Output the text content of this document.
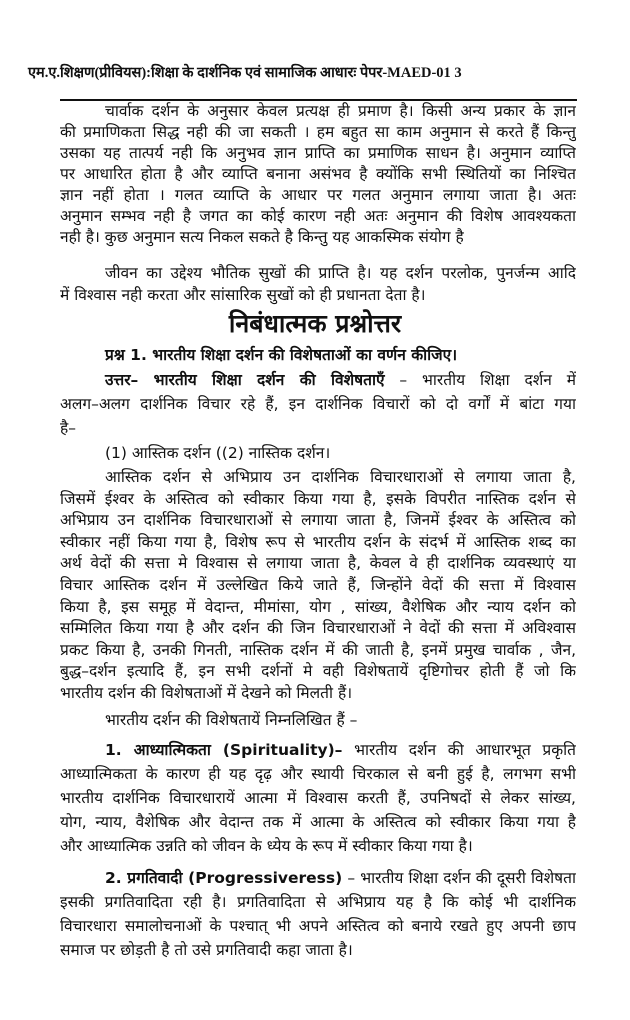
एम.ए.शिक्षण(प्रीवियस):शिक्षा के दार्शनिक एवं सामाजिक आधारः पेपर-MAED-01 3
चार्वाक दर्शन के अनुसार केवल प्रत्यक्ष ही प्रमाण है। किसी अन्य प्रकार के ज्ञान
की प्रमाणिकता सिद्ध नही की जा सकती । हम बहुत सा काम अनुमान से करते हैं किन्तु
उसका यह तात्पर्य नही कि अनुभव ज्ञान प्राप्ति का प्रमाणिक साधन है। अनुमान व्याप्ति
पर आधारित होता है और व्याप्ति बनाना असंभव है क्योंकि सभी स्थितियों का निश्चित
ज्ञान नहीं होता । गलत व्याप्ति के आधार पर गलत अनुमान लगाया जाता है। अतः
अनुमान सम्भव नही है जगत का कोई कारण नही अतः अनुमान की विशेष आवश्यकता
नही है। कुछ अनुमान सत्य निकल सकते है किन्तु यह आकस्मिक संयोग है
जीवन का उद्देश्य भौतिक सुखों की प्राप्ति है। यह दर्शन परलोक, पुनर्जन्म आदि
में विश्वास नही करता और सांसारिक सुखों को ही प्रधानता देता है।
निबंधात्मक प्रश्नोत्तर
प्रश्न 1. भारतीय शिक्षा दर्शन की विशेषताओं का वर्णन कीजिए।
उत्तर– भारतीय शिक्षा दर्शन की विशेषताएँ – भारतीय शिक्षा दर्शन में
अलग–अलग दार्शनिक विचार रहे हैं, इन दार्शनिक विचारों को दो वर्गों में बांटा गया
है–
(1) आस्तिक दर्शन ((2) नास्तिक दर्शन।
आस्तिक दर्शन से अभिप्राय उन दार्शनिक विचारधाराओं से लगाया जाता है,
जिसमें ईश्वर के अस्तित्व को स्वीकार किया गया है, इसके विपरीत नास्तिक दर्शन से
अभिप्राय उन दार्शनिक विचारधाराओं से लगाया जाता है, जिनमें ईश्वर के अस्तित्व को
स्वीकार नहीं किया गया है, विशेष रूप से भारतीय दर्शन के संदर्भ में आस्तिक शब्द का
अर्थ वेदों की सत्ता मे विश्वास से लगाया जाता है, केवल वे ही दार्शनिक व्यवस्थाएं या
विचार आस्तिक दर्शन में उल्लेखित किये जाते हैं, जिन्होंने वेदों की सत्ता में विश्वास
किया है, इस समूह में वेदान्त, मीमांसा, योग , सांख्य, वैशेषिक और न्याय दर्शन को
सम्मिलित किया गया है और दर्शन की जिन विचारधाराओं ने वेदों की सत्ता में अविश्वास
प्रकट किया है, उनकी गिनती, नास्तिक दर्शन में की जाती है, इनमें प्रमुख चार्वाक , जैन,
बुद्ध–दर्शन इत्यादि हैं, इन सभी दर्शनों मे वही विशेषतायें दृष्टिगोचर होती हैं जो कि
भारतीय दर्शन की विशेषताओं में देखने को मिलती हैं।
भारतीय दर्शन की विशेषतायें निम्नलिखित हैं –
1. आध्यात्मिकता (Spirituality)– भारतीय दर्शन की आधारभूत प्रकृति
आध्यात्मिकता के कारण ही यह दृढ़ और स्थायी चिरकाल से बनी हुई है, लगभग सभी
भारतीय दार्शनिक विचारधारायें आत्मा में विश्वास करती हैं, उपनिषदों से लेकर सांख्य,
योग, न्याय, वैशेषिक और वेदान्त तक में आत्मा के अस्तित्व को स्वीकार किया गया है
और आध्यात्मिक उन्नति को जीवन के ध्येय के रूप में स्वीकार किया गया है।
2. प्रगतिवादी (Progressiveress) – भारतीय शिक्षा दर्शन की दूसरी विशेषता
इसकी प्रगतिवादिता रही है। प्रगतिवादिता से अभिप्राय यह है कि कोई भी दार्शनिक
विचारधारा समालोचनाओं के पश्चात् भी अपने अस्तित्व को बनाये रखते हुए अपनी छाप
समाज पर छोड़ती है तो उसे प्रगतिवादी कहा जाता है।
